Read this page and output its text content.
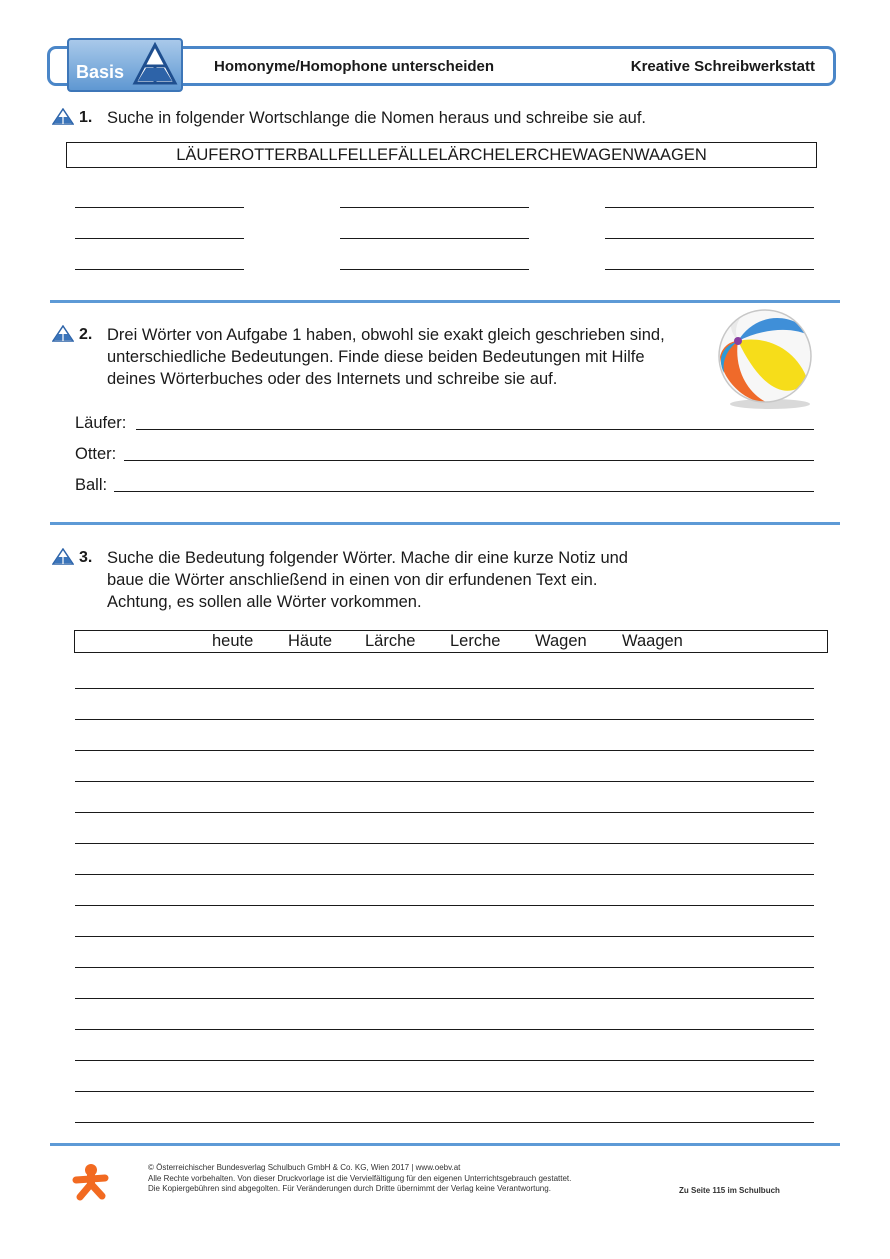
Basis	Homonyme/Homophone unterscheiden	Kreative Schreibwerkstatt
1. Suche in folgender Wortschlange die Nomen heraus und schreibe sie auf.
LÄUFEROTTERBALLFELLEFÄLLELÄRCHELERCHEWAGENWAAGEN
2. Drei Wörter von Aufgabe 1 haben, obwohl sie exakt gleich geschrieben sind,
unterschiedliche Bedeutungen. Finde diese beiden Bedeutungen mit Hilfe
deines Wörterbuches oder des Internets und schreibe sie auf.
Läufer:
Otter:
Ball:
3. Suche die Bedeutung folgender Wörter. Mache dir eine kurze Notiz und
baue die Wörter anschließend in einen von dir erfundenen Text ein.
Achtung, es sollen alle Wörter vorkommen.
heute Häute Lärche Lerche Wagen Waagen
© Österreichischer Bundesverlag Schulbuch GmbH & Co. KG, Wien 2017 | www.oebv.at
Alle Rechte vorbehalten. Von dieser Druckvorlage ist die Vervielfältigung für den eigenen Unterrichtsgebrauch gestattet.
Die Kopiergebühren sind abgegolten. Für Veränderungen durch Dritte übernimmt der Verlag keine Verantwortung.	Zu Seite 115 im Schulbuch
